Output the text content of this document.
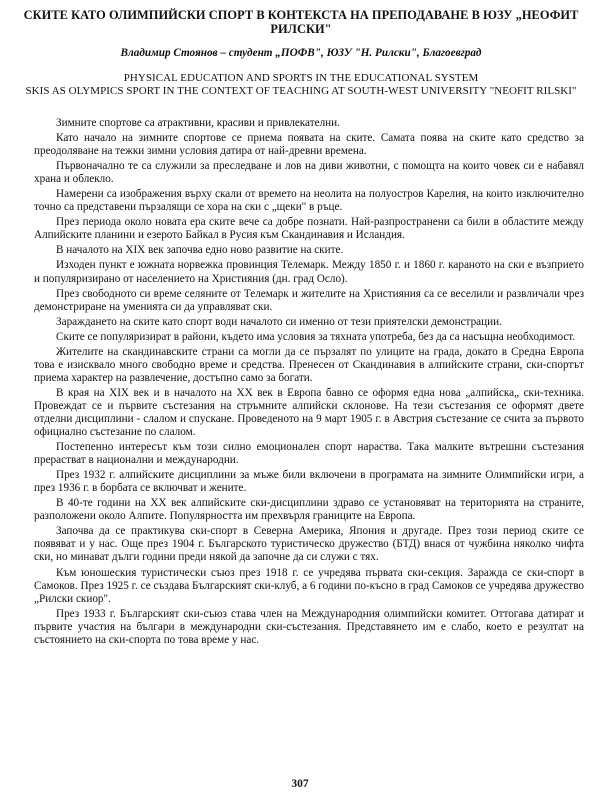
СКИТЕ КАТО ОЛИМПИЙСКИ СПОРТ В КОНТЕКСТА НА ПРЕПОДАВАНЕ В ЮЗУ „НЕОФИТ РИЛСКИ"
Владимир Стоянов – студент „ПОФВ", ЮЗУ "Н. Рилски", Благоевград
PHYSICAL EDUCATION AND SPORTS IN THE EDUCATIONAL SYSTEM
SKIS AS OLYMPICS SPORT IN THE CONTEXT OF TEACHING AT SOUTH-WEST UNIVERSITY "NEOFIT RILSKI"

Зимните спортове са атрактивни, красиви и привлекателни.

Като начало на зимните спортове се приема появата на ските. Самата поява на ските като средство за преодоляване на тежки зимни условия датира от най-древни времена.

Първоначално те са служили за преследване и лов на диви животни, с помощта на които човек си е набавял храна и облекло.

Намерени са изображения върху скали от времето на неолита на полуостров Карелия, на които изключително точно са представени пързалящи се хора на ски с „щеки" в ръце.

През периода около новата ера ските вече са добре познати. Най-разпространени са били в областите между Алпийските планини и езерото Байкал в Русия към Скандинавия и Исландия.

В началото на XIX век започва едно ново развитие на ските.

Изходен пункт е южната норвежка провинция Телемарк. Между 1850 г. и 1860 г. караното на ски е възприето и популяризирано от населението на Християния (дн. град Осло).

През свободното си време селяните от Телемарк и жителите на Християния са се веселили и развличали чрез демонстриране на уменията си да управляват ски.

Зараждането на ските като спорт води началото си именно от тези приятелски демонстрации.

Ските се популяризират в райони, където има условия за тяхната употреба, без да са насъщна необходимост.

Жителите на скандинавските страни са могли да се пързалят по улиците на града, докато в Средна Европа това е изисквало много свободно време и средства. Пренесен от Скандинавия в алпийските страни, ски-спортът приема характер на развлечение, достъпно само за богати.

В края на XIX век и в началото на XX век в Европа бавно се оформя една нова „алпийска„ ски-техника. Провеждат се и първите състезания на стръмните алпийски склонове. На тези състезания се оформят двете отделни дисциплини - слалом и спускане. Проведеното на 9 март 1905 г. в Австрия състезание се счита за първото официално състезание по слалом.

Постепенно интересът към този силно емоционален спорт нараства. Така малките вътрешни състезания прерастват в национални и международни.

През 1932 г. алпийските дисциплини за мъже били включени в програмата на зимните Олимпийски игри, а през 1936 г. в борбата се включват и жените.

В 40-те години на XX век алпийските ски-дисциплини здраво се установяват на територията на страните, разположени около Алпите. Популярността им прехвърля границите на Европа.

Започва да се практикува ски-спорт в Северна Америка, Япония и другаде. През този период ските се появяват и у нас. Още през 1904 г. Българското туристическо дружество (БТД) внася от чужбина няколко чифта ски, но минават дълги години преди някой да започне да си служи с тях.

Към юношеския туристически съюз през 1918 г. се учредява първата ски-секция. Заражда се ски-спорт в Самоков. През 1925 г. се създава Българският ски-клуб, а 6 години по-късно в град Самоков се учредява дружество „Рилски скиор".

През 1933 г. Българският ски-съюз става член на Международния олимпийски комитет. Оттогава датират и първите участия на българи в международни ски-състезания. Представянето им е слабо, което е резултат на състоянието на ски-спорта по това време у нас.

307
